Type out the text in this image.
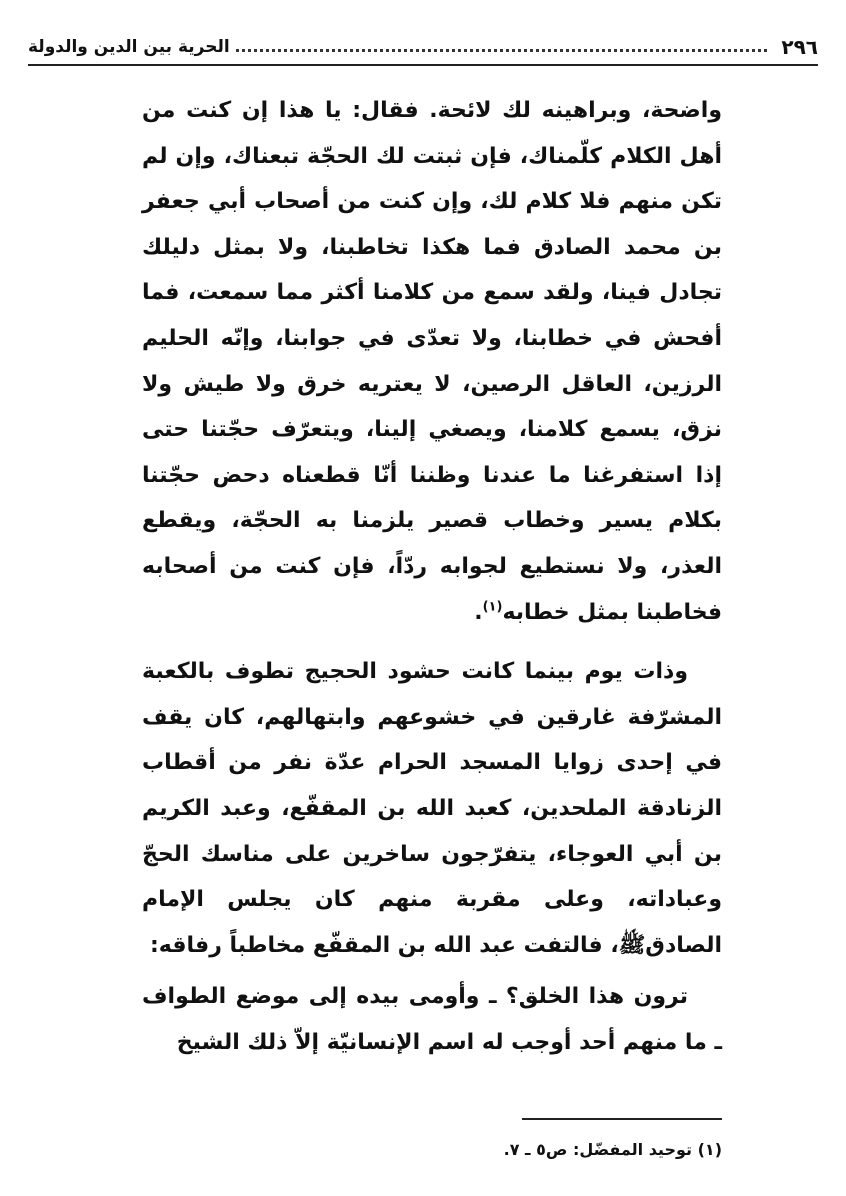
٢٩٦
الحرية بين الدين والدولة

واضحة، وبراهينه لك لائحة. فقال: يا هذا إن كنت من أهل الكلام كلّمناك، فإن ثبتت لك الحجّة تبعناك، وإن لم تكن منهم فلا كلام لك، وإن كنت من أصحاب أبي جعفر بن محمد الصادق فما هكذا تخاطبنا، ولا بمثل دليلك تجادل فينا، ولقد سمع من كلامنا أكثر مما سمعت، فما أفحش في خطابنا، ولا تعدّى في جوابنا، وإنّه الحليم الرزين، العاقل الرصين، لا يعتريه خرق ولا طيش ولا نزق، يسمع كلامنا، ويصغي إلينا، ويتعرّف حجّتنا حتى إذا استفرغنا ما عندنا وظننا أنّا قطعناه دحض حجّتنا بكلام يسير وخطاب قصير يلزمنا به الحجّة، ويقطع العذر، ولا نستطيع لجوابه ردّاً، فإن كنت من أصحابه فخاطبنا بمثل خطابه$^{(١)}$.

وذات يوم بينما كانت حشود الحجيج تطوف بالكعبة المشرّفة غارقين في خشوعهم وابتهالهم، كان يقف في إحدى زوايا المسجد الحرام عدّة نفر من أقطاب الزنادقة الملحدين، كعبد الله بن المقفّع، وعبد الكريم بن أبي العوجاء، يتفرّجون ساخرين على مناسك الحجّ وعباداته، وعلى مقربة منهم كان يجلس الإمام الصادقﷺ، فالتفت عبد الله بن المقفّع مخاطباً رفاقه:

ترون هذا الخلق؟ ـ وأومى بيده إلى موضع الطواف ـ ما منهم أحد أوجب له اسم الإنسانيّة إلاّ ذلك الشيخ

(١) توحيد المفضّل: ص٥ ـ ٧.
